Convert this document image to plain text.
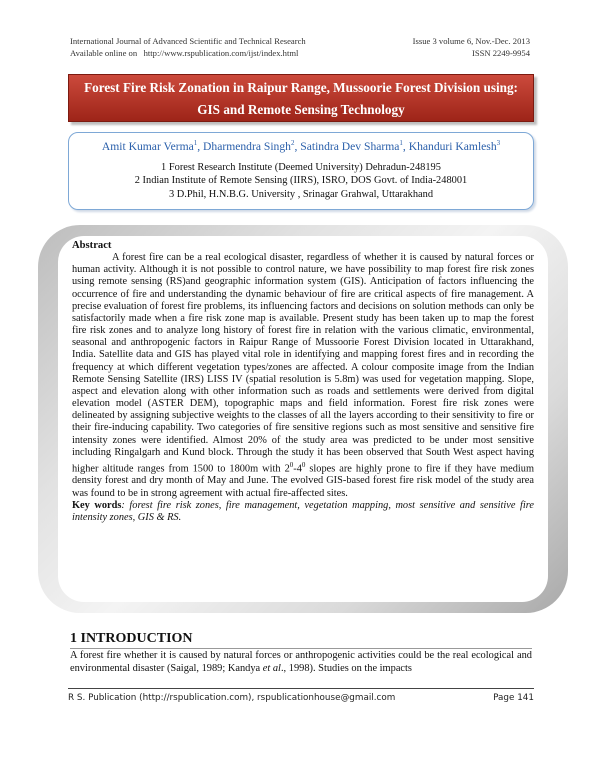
International Journal of Advanced Scientific and Technical Research
Available online on http://www.rspublication.com/ijst/index.html
Issue 3 volume 6, Nov.-Dec. 2013
ISSN 2249-9954
Forest Fire Risk Zonation in Raipur Range, Mussoorie Forest Division using:
GIS and Remote Sensing Technology
Amit Kumar Verma$^1$, Dharmendra Singh$^2$, Satindra Dev Sharma$^1$, Khanduri Kamlesh$^3$
1 Forest Research Institute (Deemed University) Dehradun-248195
2 Indian Institute of Remote Sensing (IIRS), ISRO, DOS Govt. of India-248001
3 D.Phil, H.N.B.G. University , Srinagar Grahwal, Uttarakhand
Abstract

A forest fire can be a real ecological disaster, regardless of whether it is caused by natural forces or human activity. Although it is not possible to control nature, we have possibility to map forest fire risk zones using remote sensing (RS)and geographic information system (GIS). Anticipation of factors influencing the occurrence of fire and understanding the dynamic behaviour of fire are critical aspects of fire management. A precise evaluation of forest fire problems, its influencing factors and decisions on solution methods can only be satisfactorily made when a fire risk zone map is available. Present study has been taken up to map the forest fire risk zones and to analyze long history of forest fire in relation with the various climatic, environmental, seasonal and anthropogenic factors in Raipur Range of Mussoorie Forest Division located in Uttarakhand, India. Satellite data and GIS has played vital role in identifying and mapping forest fires and in recording the frequency at which different vegetation types/zones are affected. A colour composite image from the Indian Remote Sensing Satellite (IRS) LISS IV (spatial resolution is 5.8m) was used for vegetation mapping. Slope, aspect and elevation along with other information such as roads and settlements were derived from digital elevation model (ASTER DEM), topographic maps and field information. Forest fire risk zones were delineated by assigning subjective weights to the classes of all the layers according to their sensitivity to fire or their fire-inducing capability. Two categories of fire sensitive regions such as most sensitive and sensitive fire intensity zones were identified. Almost 20% of the study area was predicted to be under most sensitive including Ringalgarh and Kund block. Through the study it has been observed that South West aspect having higher altitude ranges from 1500 to 1800m with $2^0-4^0$ slopes are highly prone to fire if they have medium density forest and dry month of May and June. The evolved GIS-based forest fire risk model of the study area was found to be in strong agreement with actual fire-affected sites.

Key words: forest fire risk zones, fire management, vegetation mapping, most sensitive and sensitive fire intensity zones, GIS & RS.
1 INTRODUCTION
A forest fire whether it is caused by natural forces or anthropogenic activities could be the real ecological and environmental disaster (Saigal, 1989; Kandya et al., 1998). Studies on the impacts
R S. Publication (http://rspublication.com), rspublicationhouse@gmail.com	Page 141
